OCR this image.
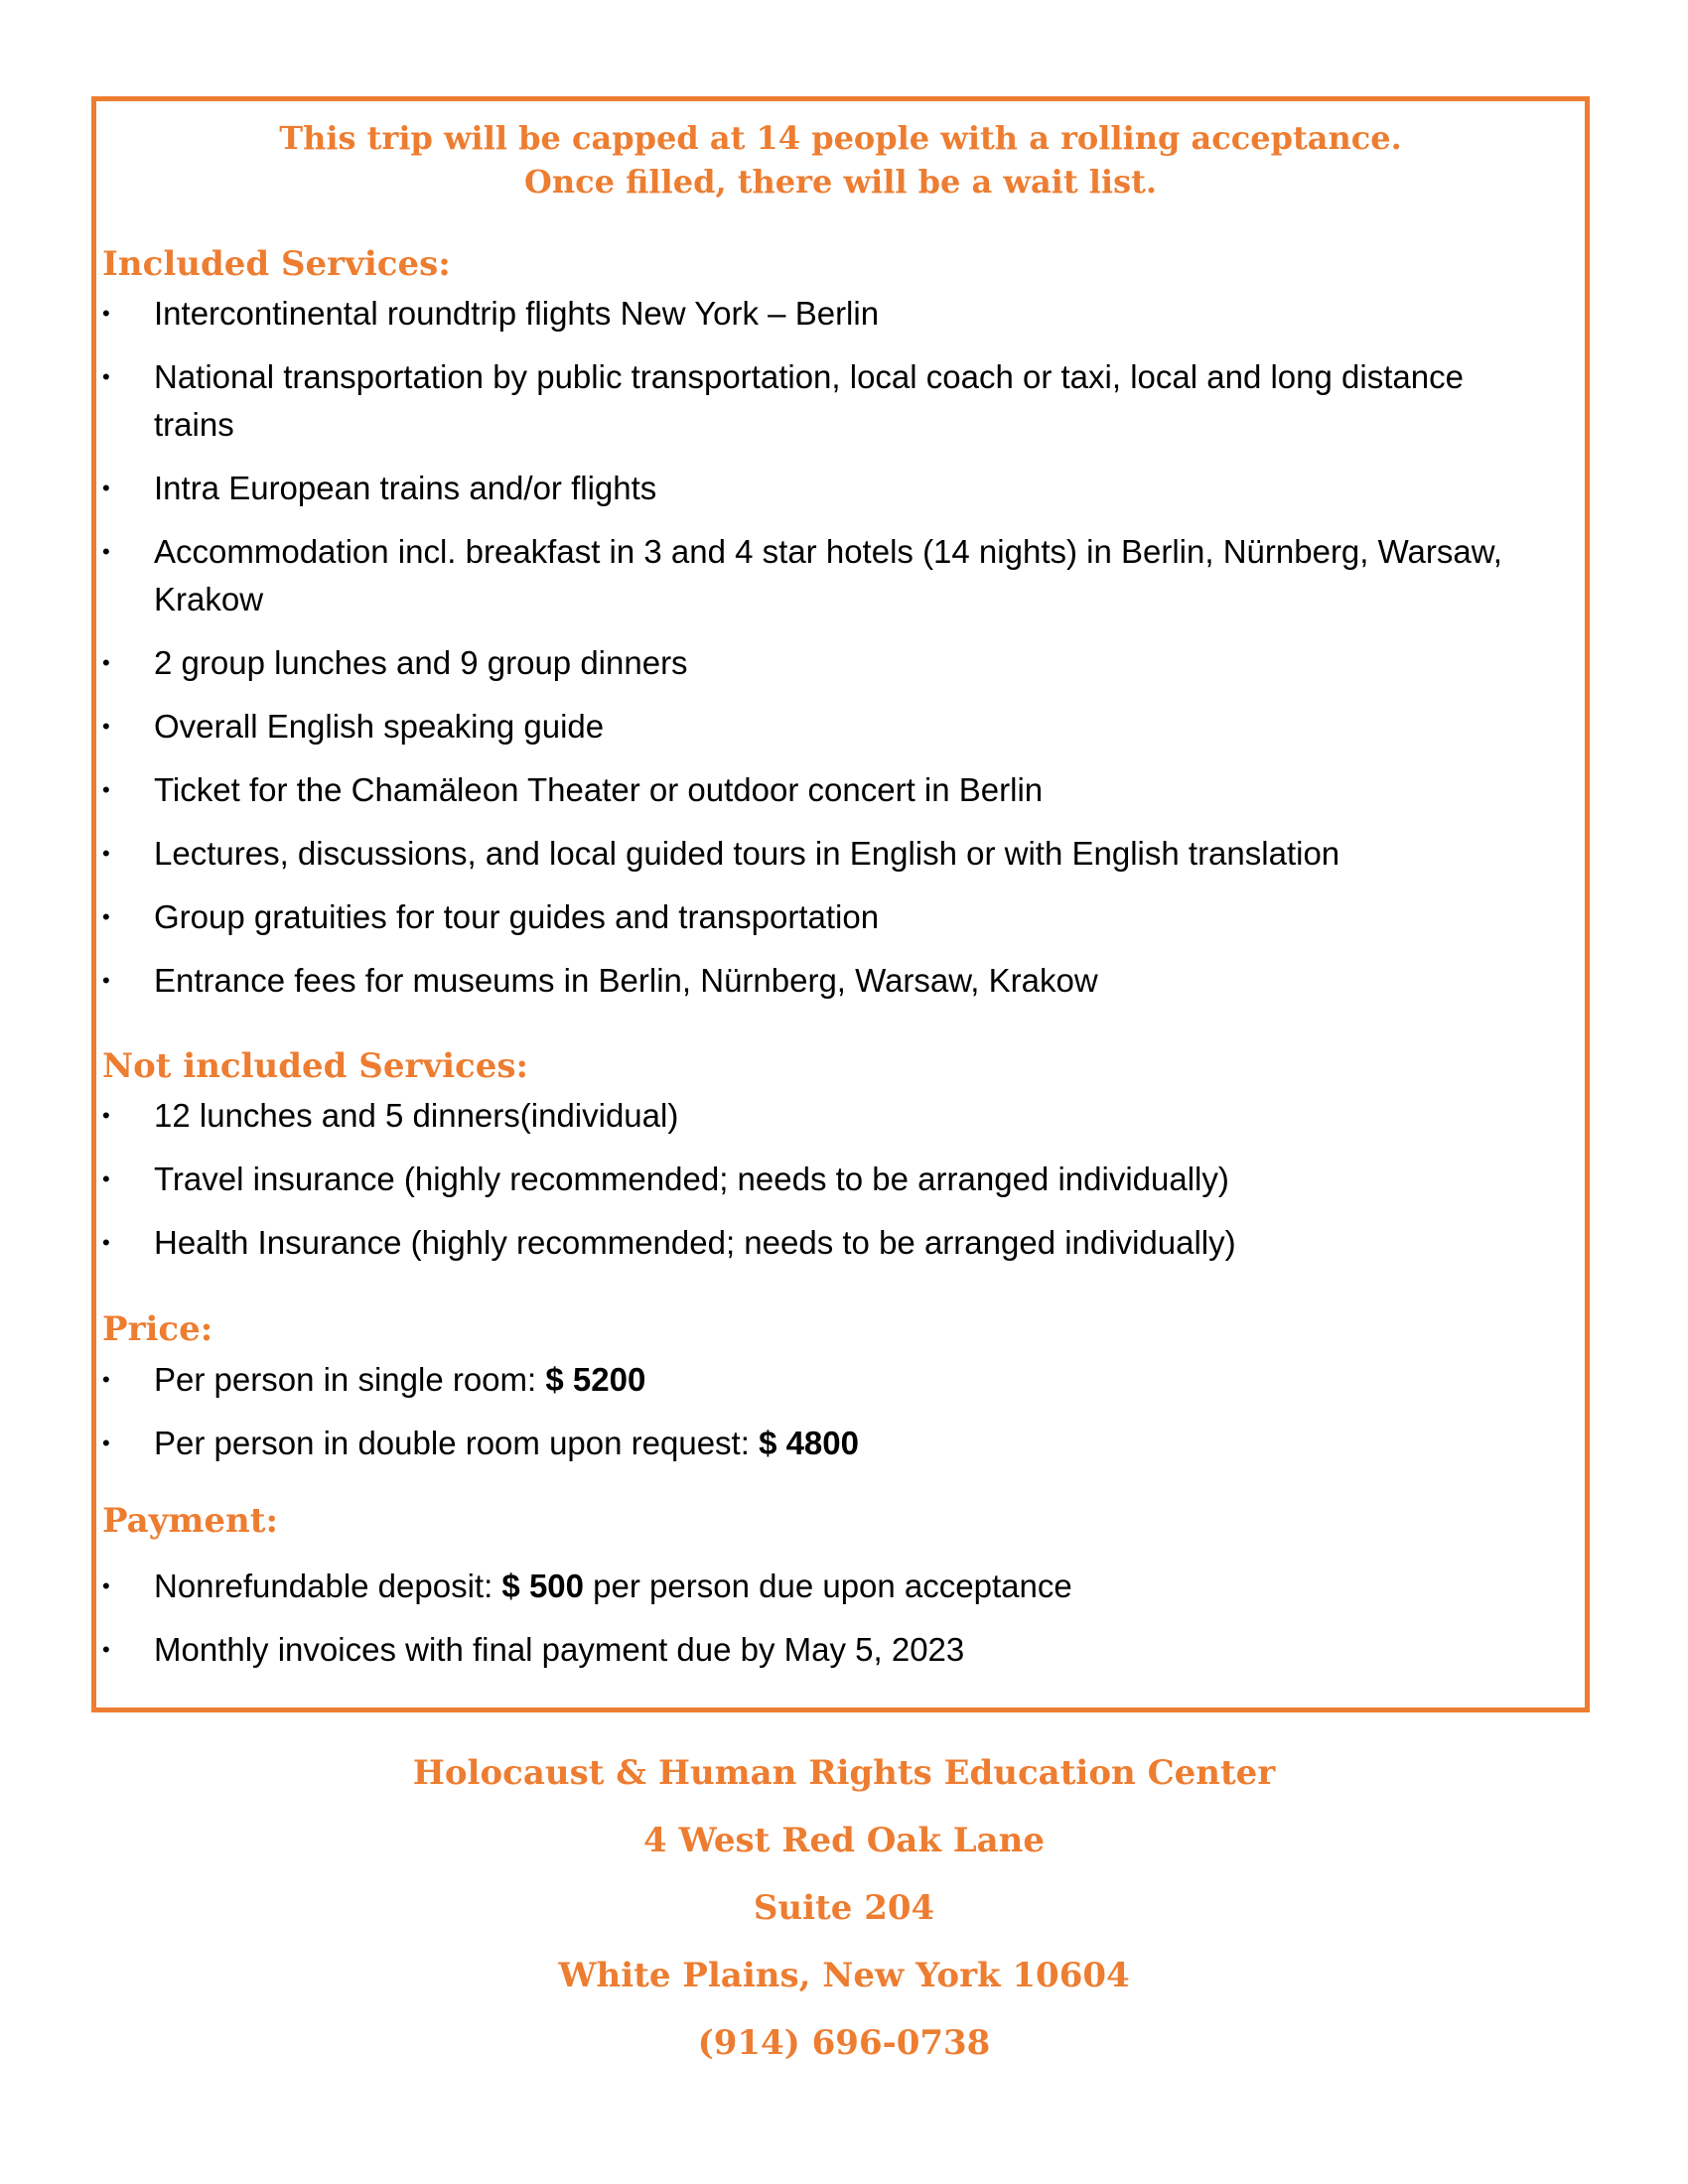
This trip will be capped at 14 people with a rolling acceptance.
Once filled, there will be a wait list.
Included Services:
•	Intercontinental roundtrip flights New York – Berlin
•	National transportation by public transportation, local coach or taxi, local and long distance trains
•	Intra European trains and/or flights
•	Accommodation incl. breakfast in 3 and 4 star hotels (14 nights) in Berlin, Nürnberg, Warsaw, Krakow
•	2 group lunches and 9 group dinners
•	Overall English speaking guide
•	Ticket for the Chamäleon Theater or outdoor concert in Berlin
•	Lectures, discussions, and local guided tours in English or with English translation
•	Group gratuities for tour guides and transportation
•	Entrance fees for museums in Berlin, Nürnberg, Warsaw, Krakow
Not included Services:
•	12 lunches and 5 dinners(individual)
•	Travel insurance (highly recommended; needs to be arranged individually)
•	Health Insurance (highly recommended; needs to be arranged individually)
Price:
•	Per person in single room: $ 5200
•	Per person in double room upon request: $ 4800
Payment:
•	Nonrefundable deposit: $ 500 per person due upon acceptance
•	Monthly invoices with final payment due by May 5, 2023
Holocaust & Human Rights Education Center
4 West Red Oak Lane
Suite 204
White Plains, New York 10604
(914) 696-0738
